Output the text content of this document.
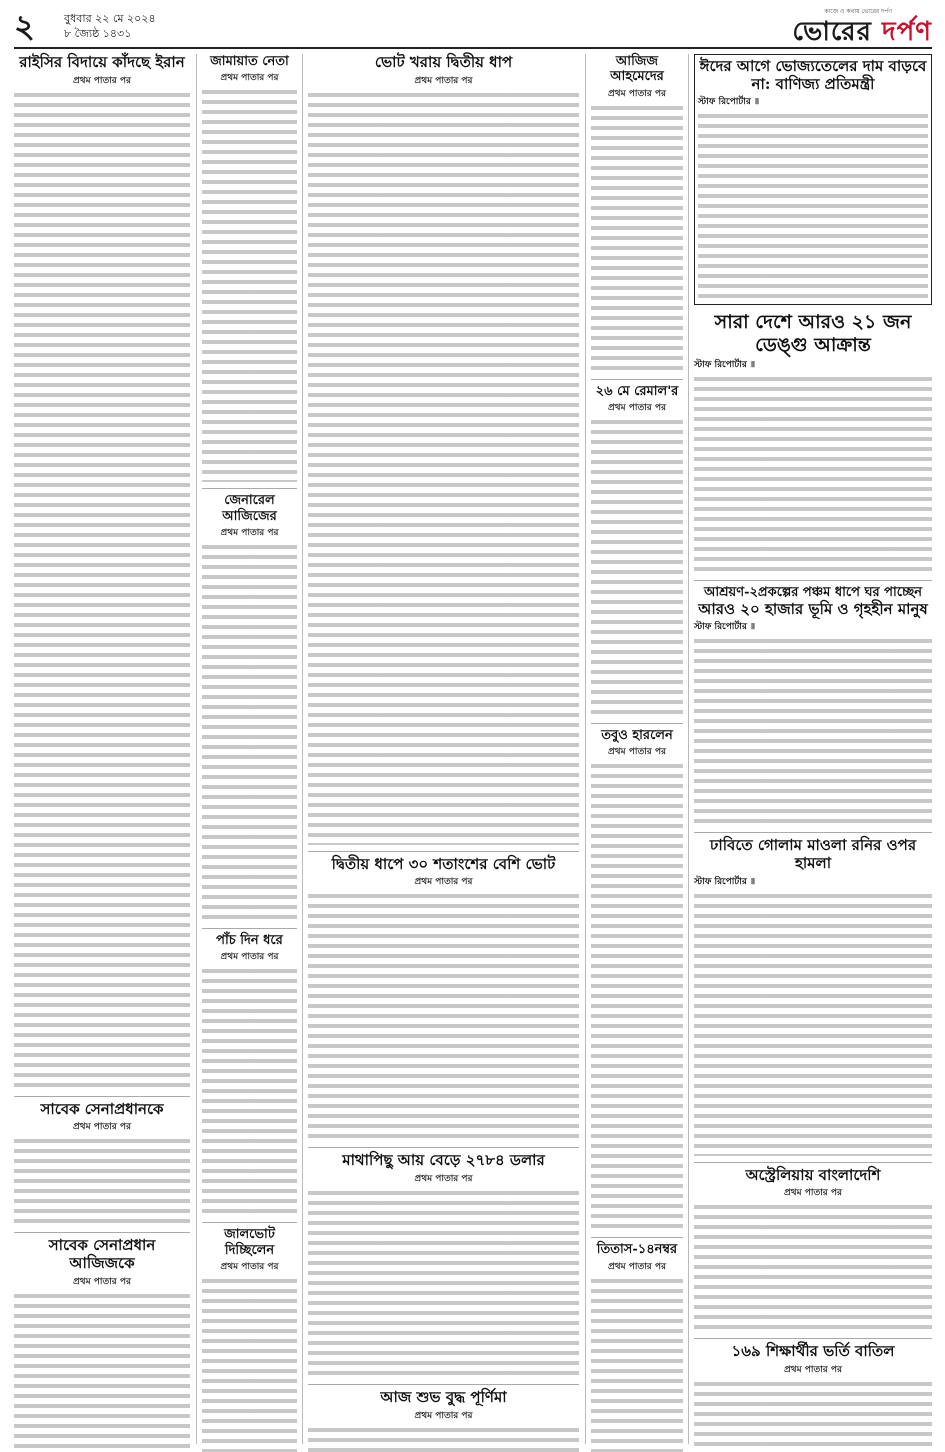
২	বুধবার ২২ মে ২০২৪
৮ জ্যৈষ্ঠ ১৪৩১
কাজে ও কথায় ভোরের দর্পণ
ভোরের দর্পণ
রাইসির বিদায়ে কাঁদছে ইরান
প্রথম পাতার পর
সাবেক সেনাপ্রধানকে
প্রথম পাতার পর
সাবেক সেনাপ্রধান আজিজকে
প্রথম পাতার পর
জামায়াত নেতা
প্রথম পাতার পর
জেনারেল আজিজের
প্রথম পাতার পর
পাঁচ দিন ধরে
প্রথম পাতার পর
জালভোট দিচ্ছিলেন
প্রথম পাতার পর
ভোট খরায় দ্বিতীয় ধাপ
প্রথম পাতার পর
দ্বিতীয় ধাপে ৩০ শতাংশের বেশি ভোট
প্রথম পাতার পর
মাথাপিছু আয় বেড়ে ২৭৮৪ ডলার
প্রথম পাতার পর
আজ শুভ বুদ্ধ পূর্ণিমা
প্রথম পাতার পর
আজিজ আহমেদের
প্রথম পাতার পর
২৬ মে রেমাল'র
প্রথম পাতার পর
তবুও হারলেন
প্রথম পাতার পর
তিতাস-১৪নম্বর
প্রথম পাতার পর
ঈদের আগে ভোজ্যতেলের দাম বাড়বে না: বাণিজ্য প্রতিমন্ত্রী
স্টাফ রিপোর্টার ॥
সারা দেশে আরও ২১ জন ডেঙ্গু আক্রান্ত
স্টাফ রিপোর্টার ॥
আশ্রয়ণ-২প্রকল্পের পঞ্চম ধাপে ঘর পাচ্ছেন
আরও ২০ হাজার ভূমি ও গৃহহীন মানুষ
স্টাফ রিপোর্টার ॥
ঢাবিতে গোলাম মাওলা রনির ওপর হামলা
স্টাফ রিপোর্টার ॥
অস্ট্রেলিয়ায় বাংলাদেশি
প্রথম পাতার পর
১৬৯ শিক্ষার্থীর ভর্তি বাতিল
প্রথম পাতার পর
